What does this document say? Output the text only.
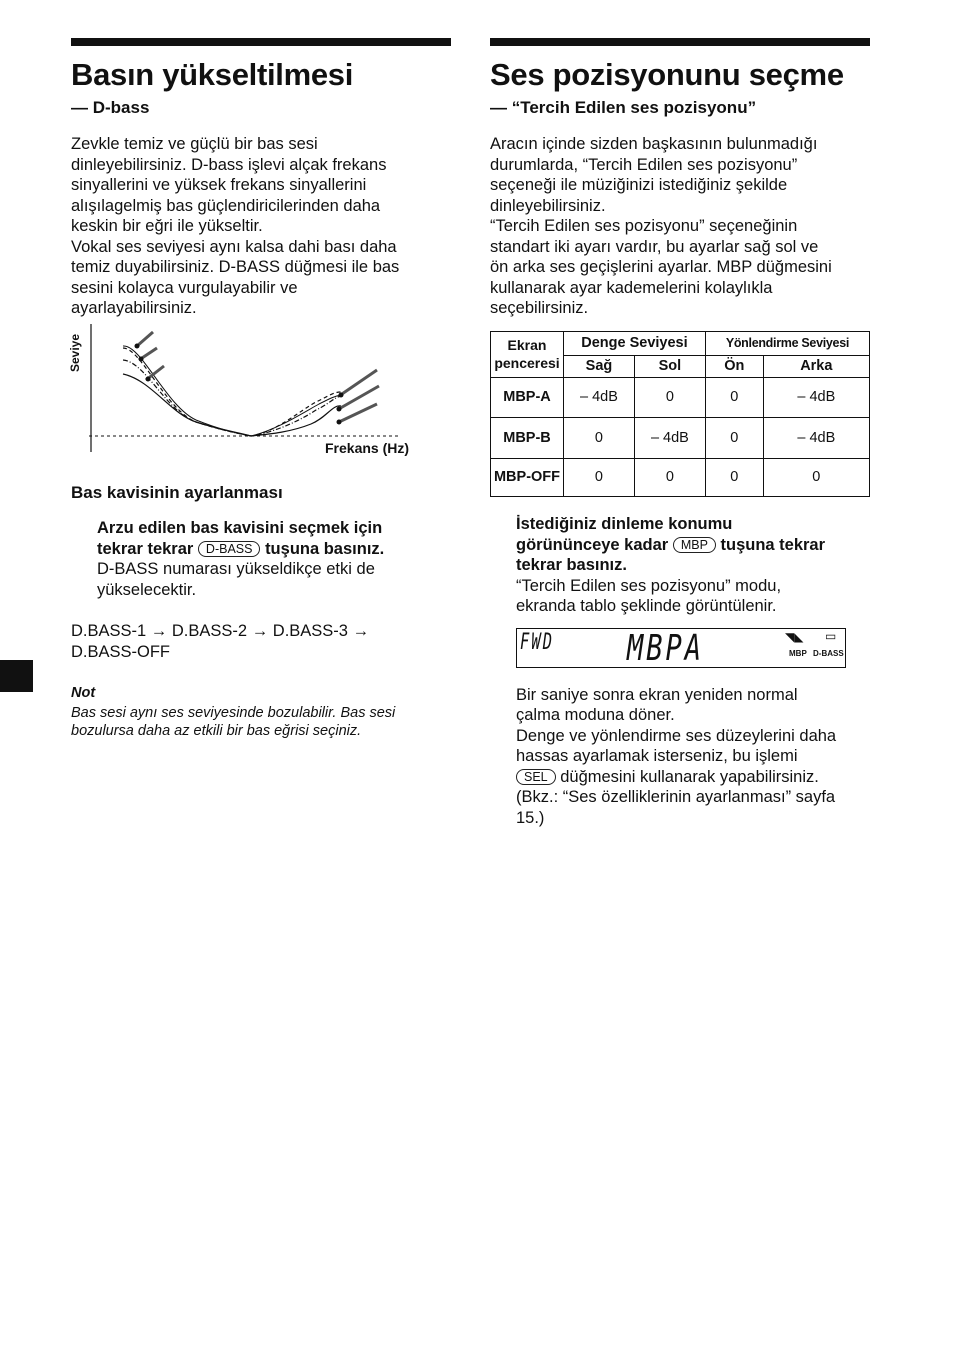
Basın yükseltilmesi
— D-bass

Zevkle temiz ve güçlü bir bas sesi

dinleyebilirsiniz. D-bass işlevi alçak frekans

sinyallerini ve yüksek frekans sinyallerini

alışılagelmiş bas güçlendiricilerinden daha

keskin bir eğri ile yükseltir.

Vokal ses seviyesi aynı kalsa dahi bası daha

temiz duyabilirsiniz. D-BASS düğmesi ile bas

sesini kolayca vurgulayabilir ve

ayarlayabilirsiniz.

Seviye
Frekans (Hz)
Bas kavisinin ayarlanması

Arzu edilen bas kavisini seçmek için

tekrar tekrar D-BASS tuşuna basınız.

D-BASS numarası yükseldikçe etki de

yükselecektir.

D.BASS-1 → D.BASS-2 → D.BASS-3 →

D.BASS-OFF

Not

Bas sesi aynı ses seviyesinde bozulabilir. Bas sesi

bozulursa daha az etkili bir bas eğrisi seçiniz.

Ses pozisyonunu seçme
— “Tercih Edilen ses pozisyonu”

Aracın içinde sizden başkasının bulunmadığı

durumlarda, “Tercih Edilen ses pozisyonu”

seçeneği ile müziğinizi istediğiniz şekilde

dinleyebilirsiniz.

“Tercih Edilen ses pozisyonu” seçeneğinin

standart iki ayarı vardır, bu ayarlar sağ sol ve

ön arka ses geçişlerini ayarlar. MBP düğmesini

kullanarak ayar kademelerini kolaylıkla

seçebilirsiniz.

Ekran
penceresi	Denge Seviyesi		Yönlendirme Seviyesi	
	Sağ	Sol	Ön	Arka
MBP-A	– 4dB	0	0	– 4dB
MBP-B	0	– 4dB	0	– 4dB
MBP-OFF	0	0	0	0

İstediğiniz dinleme konumu

görününceye kadar MBP tuşuna tekrar

tekrar basınız.

“Tercih Edilen ses pozisyonu” modu,

ekranda tablo şeklinde görüntülenir.

FWD MBPA	◥◣ ▭
MBP D-BASS

Bir saniye sonra ekran yeniden normal

çalma moduna döner.

Denge ve yönlendirme ses düzeylerini daha

hassas ayarlamak isterseniz, bu işlemi

SEL düğmesini kullanarak yapabilirsiniz.

(Bkz.: “Ses özelliklerinin ayarlanması” sayfa

15.)
